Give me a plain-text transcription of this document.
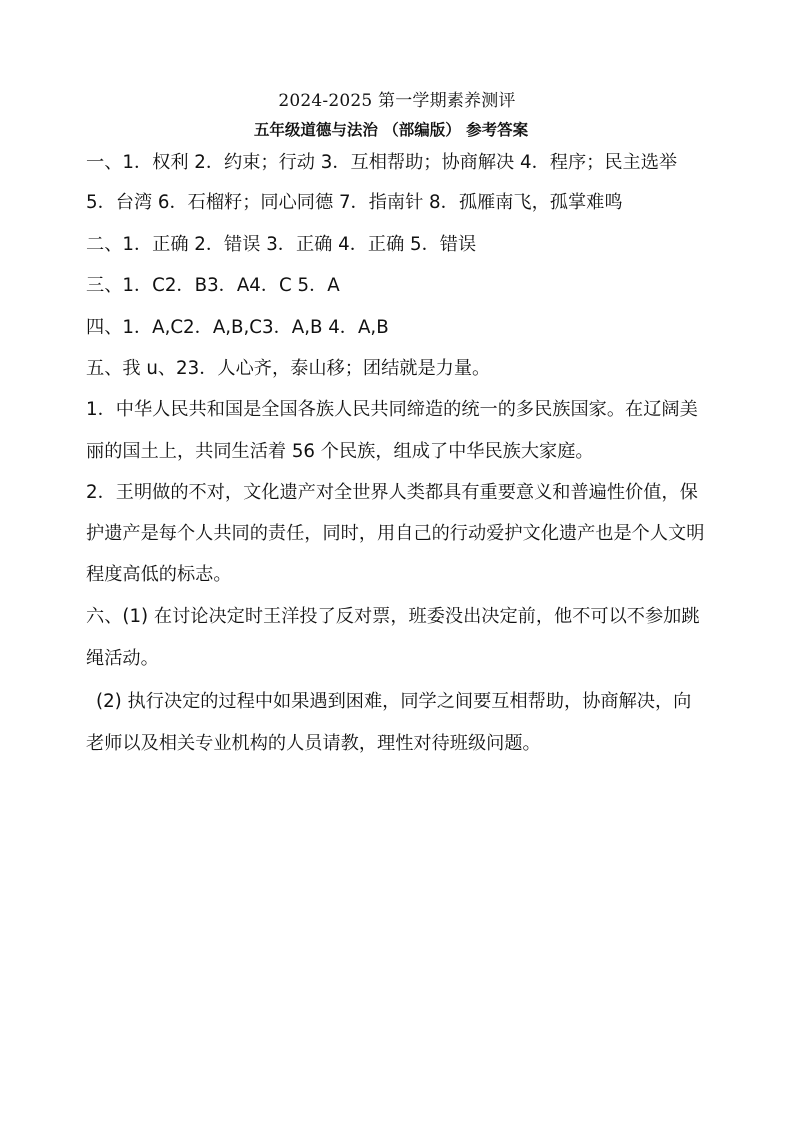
2024-2025 第一学期素养测评
五年级道德与法治 （部编版） 参考答案
一、1．权利 2．约束；行动 3．互相帮助；协商解决 4．程序；民主选举
5．台湾 6．石榴籽；同心同德 7．指南针 8．孤雁南飞，孤掌难鸣
二、1．正确 2．错误 3．正确 4．正确 5．错误
三、1．C2．B3．A4．C 5．A
四、1．A,C2．A,B,C3．A,B 4．A,B
五、我 u、23．人心齐，泰山移；团结就是力量。
1．中华人民共和国是全国各族人民共同缔造的统一的多民族国家。在辽阔美
丽的国土上，共同生活着 56 个民族，组成了中华民族大家庭。
2．王明做的不对，文化遗产对全世界人类都具有重要意义和普遍性价值，保
护遗产是每个人共同的责任，同时，用自己的行动爱护文化遗产也是个人文明
程度高低的标志。
六、(1) 在讨论决定时王洋投了反对票，班委没出决定前，他不可以不参加跳
绳活动。
(2) 执行决定的过程中如果遇到困难，同学之间要互相帮助，协商解决，向
老师以及相关专业机构的人员请教，理性对待班级问题。
